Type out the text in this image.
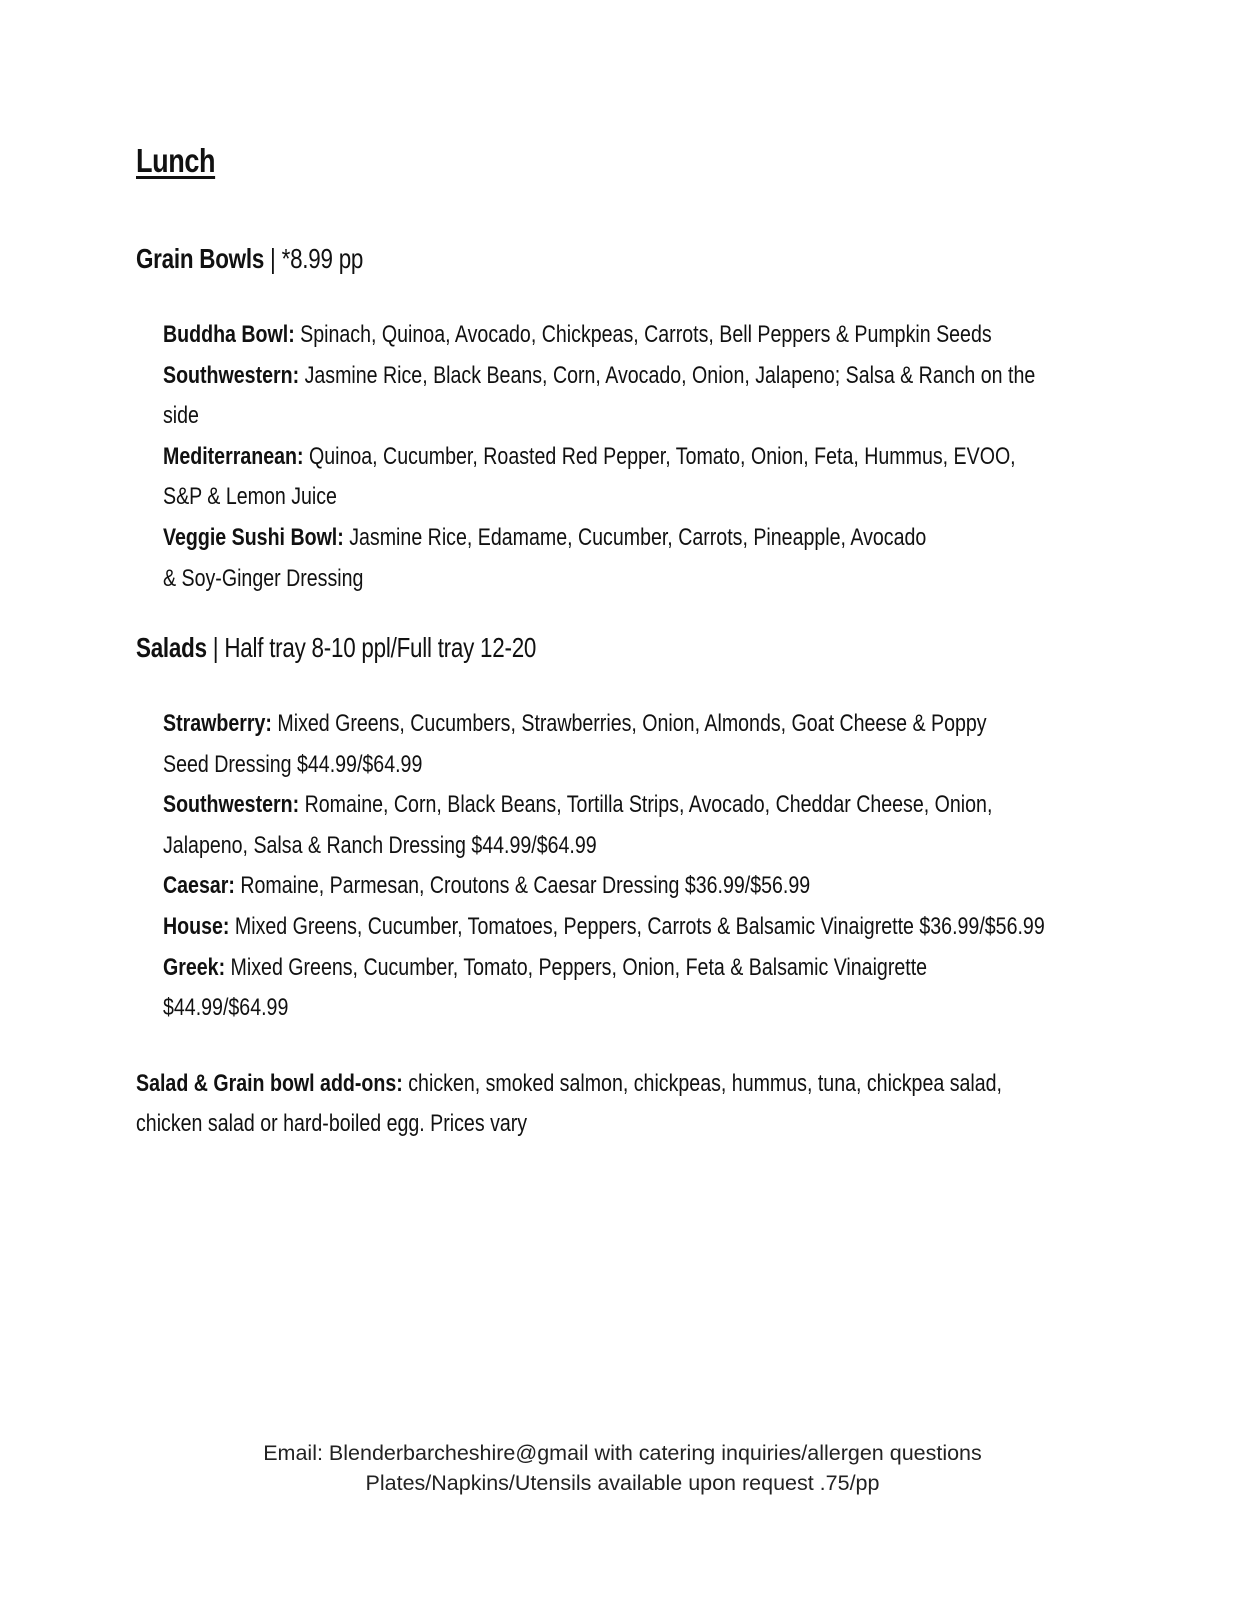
Lunch
Grain Bowls | *8.99 pp
Buddha Bowl: Spinach, Quinoa, Avocado, Chickpeas, Carrots, Bell Peppers & Pumpkin Seeds
Southwestern: Jasmine Rice, Black Beans, Corn, Avocado, Onion, Jalapeno; Salsa & Ranch on the side
Mediterranean: Quinoa, Cucumber, Roasted Red Pepper, Tomato, Onion, Feta, Hummus, EVOO, S&P & Lemon Juice
Veggie Sushi Bowl: Jasmine Rice, Edamame, Cucumber, Carrots, Pineapple, Avocado & Soy-Ginger Dressing
Salads | Half tray 8-10 ppl/Full tray 12-20
Strawberry: Mixed Greens, Cucumbers, Strawberries, Onion, Almonds, Goat Cheese & Poppy Seed Dressing $44.99/$64.99
Southwestern: Romaine, Corn, Black Beans, Tortilla Strips, Avocado, Cheddar Cheese, Onion, Jalapeno, Salsa & Ranch Dressing $44.99/$64.99
Caesar: Romaine, Parmesan, Croutons & Caesar Dressing $36.99/$56.99
House: Mixed Greens, Cucumber, Tomatoes, Peppers, Carrots & Balsamic Vinaigrette $36.99/$56.99
Greek: Mixed Greens, Cucumber, Tomato, Peppers, Onion, Feta & Balsamic Vinaigrette $44.99/$64.99
Salad & Grain bowl add-ons: chicken, smoked salmon, chickpeas, hummus, tuna, chickpea salad, chicken salad or hard-boiled egg. Prices vary
Email: Blenderbarcheshire@gmail with catering inquiries/allergen questions
Plates/Napkins/Utensils available upon request .75/pp
